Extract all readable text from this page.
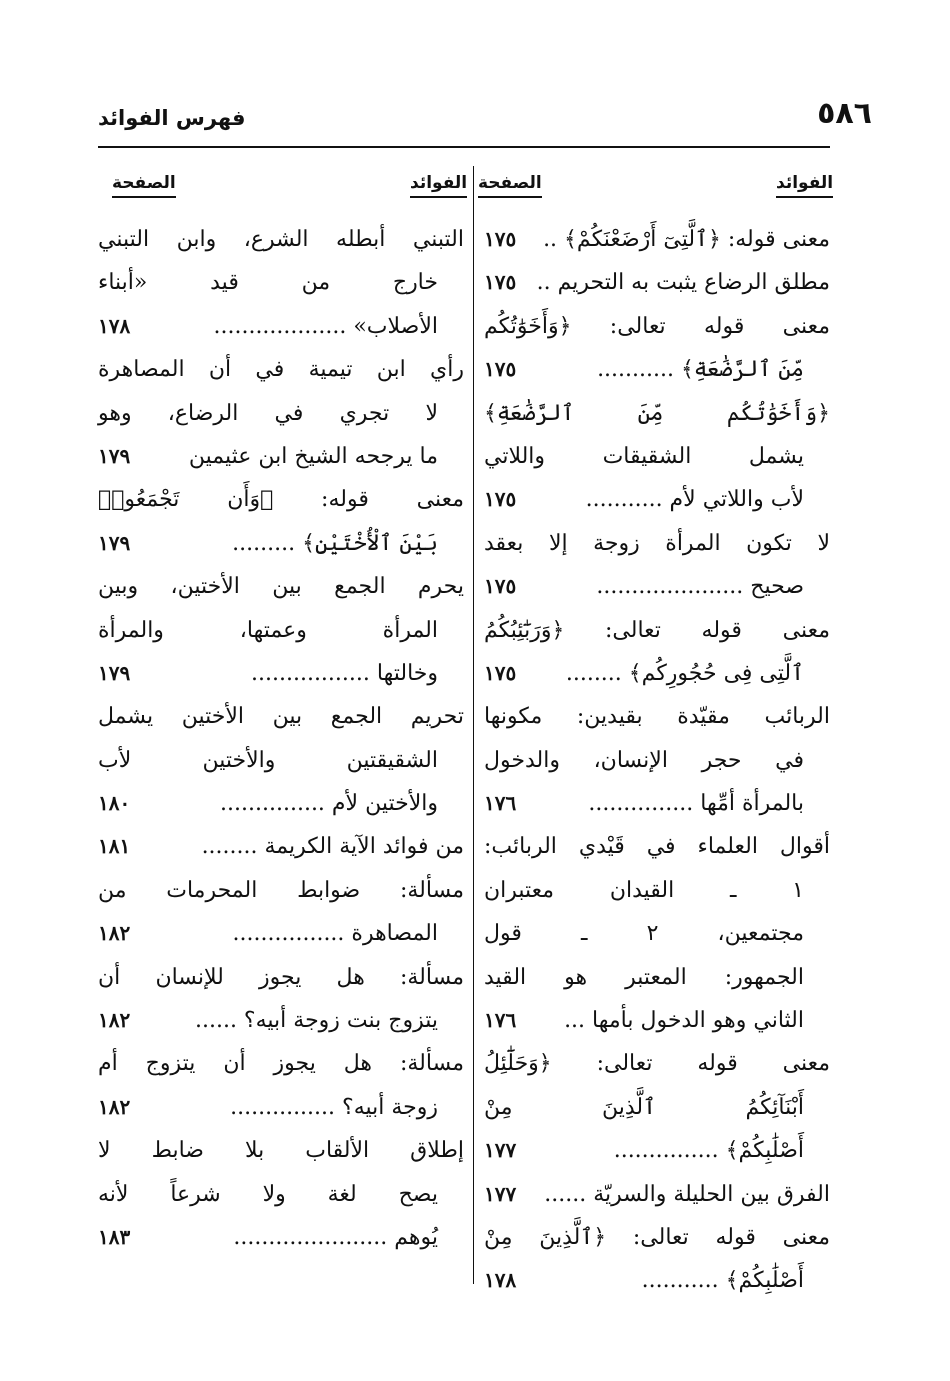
٥٨٦
فهرس الفوائد
الفوائد
الصفحة
الفوائد
الصفحة
معنى قوله: ﴿ٱلَّتِىٓ أَرْضَعْنَكُمْ﴾ ..
١٧٥
مطلق الرضاع يثبت به التحريم ..
١٧٥
معنى قوله تعالى: ﴿وَأَخَوَٰتُكُم
مِّنَ ٱلرَّضَٰعَةِ﴾ ...........
١٧٥
﴿وَأَخَوَٰتُكُم مِّنَ ٱلرَّضَٰعَةِ﴾
يشمل الشقيقات واللاتي
لأب واللاتي لأم ...........
١٧٥
لا تكون المرأة زوجة إلا بعقد
صحيح .....................
١٧٥
معنى قوله تعالى: ﴿وَرَبَٰٓئِبُكُمُ
ٱلَّتِى فِى حُجُورِكُم﴾ ........
١٧٥
الربائب مقيّدة بقيدين: مكونها
في حجر الإنسان، والدخول
بالمرأة أمِّها ...............
١٧٦
أقوال العلماء في قَيْدي الربائب:
١ ـ القيدان معتبران
مجتمعين، ٢ ـ قول
الجمهور: المعتبر هو القيد
الثاني وهو الدخول بأمها ...
١٧٦
معنى قوله تعالى: ﴿وَحَلَٰٓئِلُ
أَبْنَآئِكُمُ ٱلَّذِينَ مِنْ
أَصْلَٰبِكُمْ﴾ ...............
١٧٧
الفرق بين الحليلة والسريّة ......
١٧٧
معنى قوله تعالى: ﴿ٱلَّذِينَ مِنْ
أَصْلَٰبِكُمْ﴾ ...........
١٧٨
التبني أبطله الشرع، وابن التبني
خارج من قيد «أبناء
الأصلاب» ...................
١٧٨
رأي ابن تيمية في أن المصاهرة
لا تجري في الرضاع، وهو
ما يرجحه الشيخ ابن عثيمين
١٧٩
معنى قوله: ﴿وَأَن تَجْمَعُوا۟
بَيْنَ ٱلْأُخْتَيْنِ﴾ .........
١٧٩
يحرم الجمع بين الأختين، وبين
المرأة وعمتها، والمرأة
وخالتها .................
١٧٩
تحريم الجمع بين الأختين يشمل
الشقيقتين والأختين لأب
والأختين لأم ...............
١٨٠
من فوائد الآية الكريمة ........
١٨١
مسألة: ضوابط المحرمات من
المصاهرة ................
١٨٢
مسألة: هل يجوز للإنسان أن
يتزوج بنت زوجة أبيه؟ ......
١٨٢
مسألة: هل يجوز أن يتزوج أم
زوجة أبيه؟ ...............
١٨٢
إطلاق الألقاب بلا ضابط لا
يصح لغة ولا شرعاً لأنه
يُوهم ......................
١٨٣
